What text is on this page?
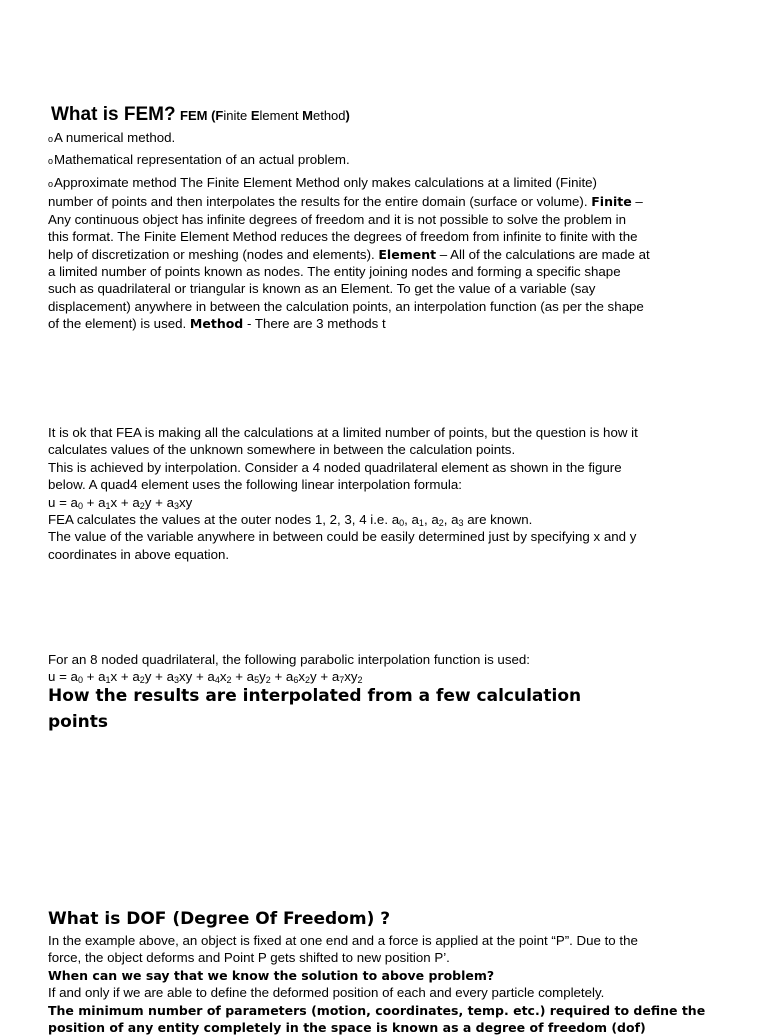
What is FEM? FEM (Finite Element Method)
oA numerical method.
oMathematical representation of an actual problem.
oApproximate method The Finite Element Method only makes calculations at a limited (Finite)
number of points and then interpolates the results for the entire domain (surface or volume). Finite –
Any continuous object has infinite degrees of freedom and it is not possible to solve the problem in
this format. The Finite Element Method reduces the degrees of freedom from infinite to finite with the
help of discretization or meshing (nodes and elements). Element – All of the calculations are made at
a limited number of points known as nodes. The entity joining nodes and forming a specific shape
such as quadrilateral or triangular is known as an Element. To get the value of a variable (say
displacement) anywhere in between the calculation points, an interpolation function (as per the shape
of the element) is used. Method - There are 3 methods t
It is ok that FEA is making all the calculations at a limited number of points, but the question is how it
calculates values of the unknown somewhere in between the calculation points.
This is achieved by interpolation. Consider a 4 noded quadrilateral element as shown in the figure
below. A quad4 element uses the following linear interpolation formula:
$u = a_0 + a_1x + a_2y + a_3xy$
FEA calculates the values at the outer nodes 1, 2, 3, 4 i.e. $a_0$, $a_1$, $a_2$, $a_3$ are known.
The value of the variable anywhere in between could be easily determined just by specifying x and y
coordinates in above equation.
For an 8 noded quadrilateral, the following parabolic interpolation function is used:
$u = a_0 + a_1x + a_2y + a_3xy + a_4x_2 + a_5y_2 + a_6x_2y + a_7xy_2$
How the results are interpolated from a few calculation
points
What is DOF (Degree Of Freedom) ?
In the example above, an object is fixed at one end and a force is applied at the point “P”. Due to the
force, the object deforms and Point P gets shifted to new position P’.
When can we say that we know the solution to above problem?
If and only if we are able to define the deformed position of each and every particle completely.
The minimum number of parameters (motion, coordinates, temp. etc.) required to define the
position of any entity completely in the space is known as a degree of freedom (dof)
